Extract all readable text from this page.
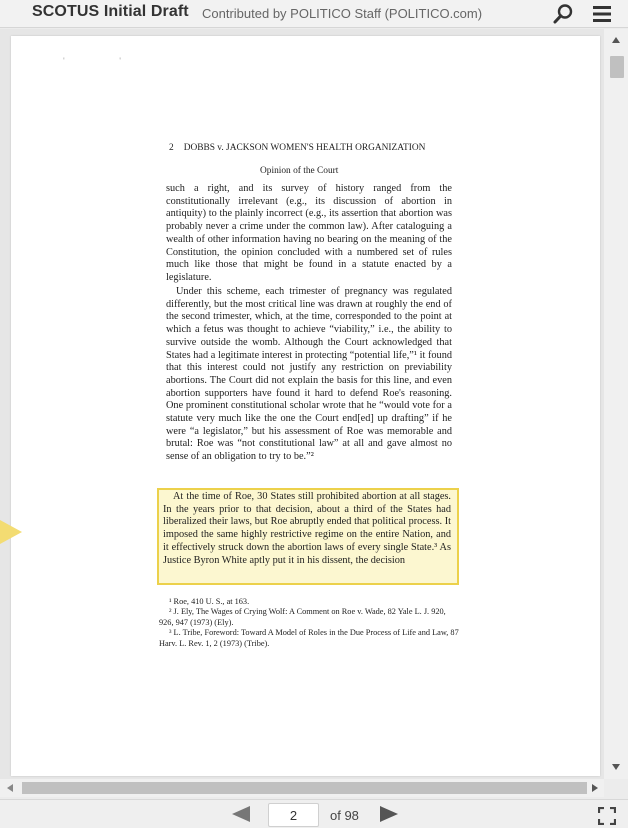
SCOTUS Initial Draft Contributed by POLITICO Staff (POLITICO.com)
' '
2 DOBBS v. JACKSON WOMEN'S HEALTH ORGANIZATION
Opinion of the Court
such a right, and its survey of history ranged from the constitutionally irrelevant (e.g., its discussion of abortion in antiquity) to the plainly incorrect (e.g., its assertion that abortion was probably never a crime under the common law). After cataloguing a wealth of other information having no bearing on the meaning of the Constitution, the opinion concluded with a numbered set of rules much like those that might be found in a statute enacted by a legislature.
Under this scheme, each trimester of pregnancy was regulated differently, but the most critical line was drawn at roughly the end of the second trimester, which, at the time, corresponded to the point at which a fetus was thought to achieve “viability,” i.e., the ability to survive outside the womb. Although the Court acknowledged that States had a legitimate interest in protecting “potential life,”¹ it found that this interest could not justify any restriction on previability abortions. The Court did not explain the basis for this line, and even abortion supporters have found it hard to defend Roe's reasoning. One prominent constitutional scholar wrote that he “would vote for a statute very much like the one the Court end[ed] up drafting” if he were “a legislator,” but his assessment of Roe was memorable and brutal: Roe was “not constitutional law” at all and gave almost no sense of an obligation to try to be.”²
At the time of Roe, 30 States still prohibited abortion at all stages. In the years prior to that decision, about a third of the States had liberalized their laws, but Roe abruptly ended that political process. It imposed the same highly restrictive regime on the entire Nation, and it effectively struck down the abortion laws of every single State.³ As Justice Byron White aptly put it in his dissent, the decision
¹ Roe, 410 U. S., at 163.
² J. Ely, The Wages of Crying Wolf: A Comment on Roe v. Wade, 82 Yale L. J. 920, 926, 947 (1973) (Ely).
³ L. Tribe, Foreword: Toward A Model of Roles in the Due Process of Life and Law, 87 Harv. L. Rev. 1, 2 (1973) (Tribe).
2
of 98
